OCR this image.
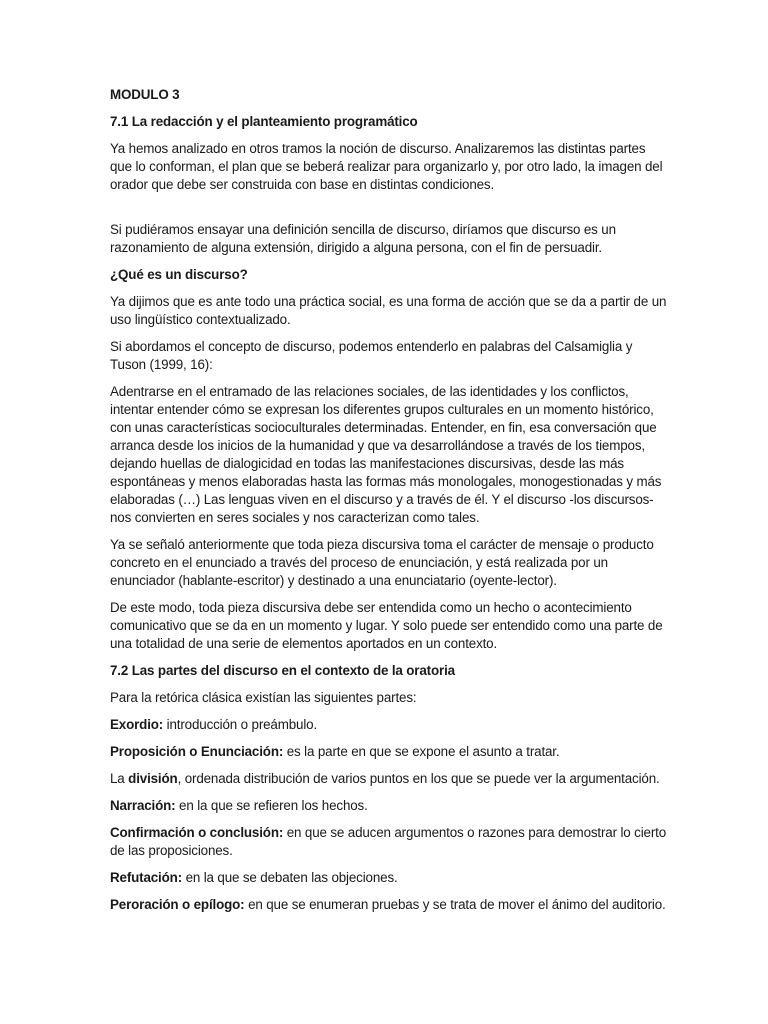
MODULO 3

7.1 La redacción y el planteamiento programático

Ya hemos analizado en otros tramos la noción de discurso. Analizaremos las distintas partes que lo conforman, el plan que se beberá realizar para organizarlo y, por otro lado, la imagen del orador que debe ser construida con base en distintas condiciones.

Si pudiéramos ensayar una definición sencilla de discurso, diríamos que discurso es un razonamiento de alguna extensión, dirigido a alguna persona, con el fin de persuadir.

¿Qué es un discurso?

Ya dijimos que es ante todo una práctica social, es una forma de acción que se da a partir de un uso lingüístico contextualizado.

Si abordamos el concepto de discurso, podemos entenderlo en palabras del Calsamiglia y Tuson (1999, 16):

Adentrarse en el entramado de las relaciones sociales, de las identidades y los conflictos, intentar entender cómo se expresan los diferentes grupos culturales en un momento histórico, con unas características socioculturales determinadas. Entender, en fin, esa conversación que arranca desde los inicios de la humanidad y que va desarrollándose a través de los tiempos, dejando huellas de dialogicidad en todas las manifestaciones discursivas, desde las más espontáneas y menos elaboradas hasta las formas más monologales, monogestionadas y más elaboradas (…) Las lenguas viven en el discurso y a través de él. Y el discurso -los discursos- nos convierten en seres sociales y nos caracterizan como tales.

Ya se señaló anteriormente que toda pieza discursiva toma el carácter de mensaje o producto concreto en el enunciado a través del proceso de enunciación, y está realizada por un enunciador (hablante-escritor) y destinado a una enunciatario (oyente-lector).

De este modo, toda pieza discursiva debe ser entendida como un hecho o acontecimiento comunicativo que se da en un momento y lugar. Y solo puede ser entendido como una parte de una totalidad de una serie de elementos aportados en un contexto.

7.2 Las partes del discurso en el contexto de la oratoria

Para la retórica clásica existían las siguientes partes:

Exordio: introducción o preámbulo.

Proposición o Enunciación: es la parte en que se expone el asunto a tratar.

La división, ordenada distribución de varios puntos en los que se puede ver la argumentación.

Narración: en la que se refieren los hechos.

Confirmación o conclusión: en que se aducen argumentos o razones para demostrar lo cierto de las proposiciones.

Refutación: en la que se debaten las objeciones.

Peroración o epílogo: en que se enumeran pruebas y se trata de mover el ánimo del auditorio.
